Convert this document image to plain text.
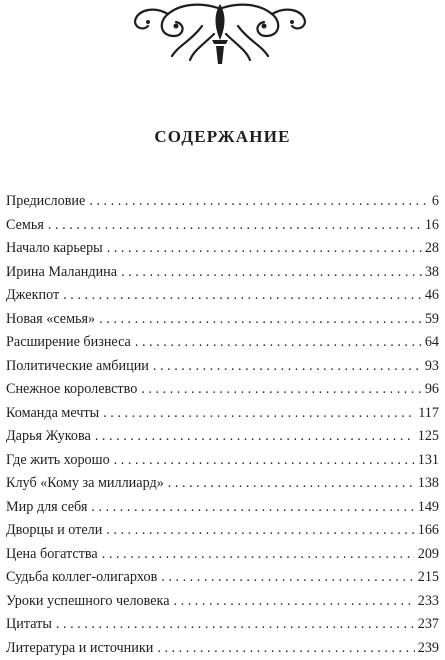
СОДЕРЖАНИЕ
Предисловие . . .	6
Семья . . .	16
Начало карьеры . . .	28
Ирина Маландина . . .	38
Джекпот . . .	46
Новая «семья» . . .	59
Расширение бизнеса . . .	64
Политические амбиции . . .	93
Снежное королевство . . .	96
Команда мечты . . .	117
Дарья Жукова . . .	125
Где жить хорошо . . .	131
Клуб «Кому за миллиард» . . .	138
Мир для себя . . .	149
Дворцы и отели . . .	166
Цена богатства . . .	209
Судьба коллег-олигархов . . .	215
Уроки успешного человека . . .	233
Цитаты . . .	237
Литература и источники . . .	239
